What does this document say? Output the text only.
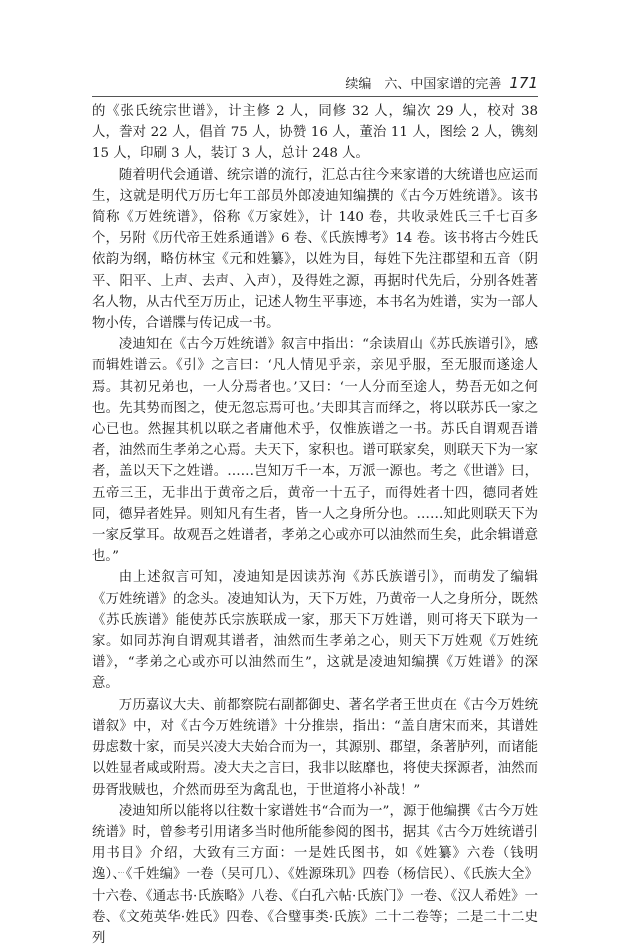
续编　六、中国家谱的完善 171

的《张氏统宗世谱》，计主修 2 人，同修 32 人，编次 29 人，校对 38 人，誊对 22 人，倡首 75 人，协赞 16 人，董治 11 人，图绘 2 人，镌刻 15 人，印刷 3 人，装订 3 人，总计 248 人。

随着明代会通谱、统宗谱的流行，汇总古往今来家谱的大统谱也应运而生，这就是明代万历七年工部员外郎凌迪知编撰的《古今万姓统谱》。该书简称《万姓统谱》，俗称《万家姓》，计 140 卷，共收录姓氏三千七百多个，另附《历代帝王姓系通谱》6 卷、《氏族博考》14 卷。该书将古今姓氏依韵为纲，略仿林宝《元和姓纂》，以姓为目，每姓下先注郡望和五音（阴平、阳平、上声、去声、入声），及得姓之源，再据时代先后，分别各姓著名人物，从古代至万历止，记述人物生平事迹，本书名为姓谱，实为一部人物小传，合谱牒与传记成一书。

凌迪知在《古今万姓统谱》叙言中指出：“余读眉山《苏氏族谱引》，感而辑姓谱云。《引》之言曰：‘凡人情见乎亲，亲见乎服，至无服而遂途人焉。其初兄弟也，一人分焉者也。’又曰：‘一人分而至途人，势吾无如之何也。先其势而图之，使无忽忘焉可也。’夫即其言而绎之，将以联苏氏一家之心已也。然握其机以联之者庸他术乎，仅惟族谱之一书。苏氏自谓观吾谱者，油然而生孝弟之心焉。夫天下，家积也。谱可联家矣，则联天下为一家者，盖以天下之姓谱。……岂知万千一本，万派一源也。考之《世谱》曰，五帝三王，无非出于黄帝之后，黄帝一十五子，而得姓者十四，德同者姓同，德异者姓异。则知凡有生者，皆一人之身所分也。……知此则联天下为一家反掌耳。故观吾之姓谱者，孝弟之心或亦可以油然而生矣，此余辑谱意也。”

由上述叙言可知，凌迪知是因读苏洵《苏氏族谱引》，而萌发了编辑《万姓统谱》的念头。凌迪知认为，天下万姓，乃黄帝一人之身所分，既然《苏氏族谱》能使苏氏宗族联成一家，那天下万姓谱，则可将天下联为一家。如同苏洵自谓观其谱者，油然而生孝弟之心，则天下万姓观《万姓统谱》，“孝弟之心或亦可以油然而生”，这就是凌迪知编撰《万姓谱》的深意。

万历嘉议大夫、前都察院右副都御史、著名学者王世贞在《古今万姓统谱叙》中，对《古今万姓统谱》十分推崇，指出：“盖自唐宋而来，其谱姓毋虑数十家，而吴兴凌大夫始合而为一，其源别、郡望，条著胪列，而诸能以姓显者咸或附焉。凌大夫之言曰，我非以眩靡也，将使夫探源者，油然而毋胥戕贼也，介然而毋至为禽乱也，于世道将小补哉！”

凌迪知所以能将以往数十家谱姓书“合而为一”，源于他编撰《古今万姓统谱》时，曾参考引用诸多当时他所能参阅的图书，据其《古今万姓统谱引用书目》介绍，大致有三方面：一是姓氏图书，如《姓纂》六卷（钱明逸）、《千姓编》一卷（吴可几）、《姓源珠玑》四卷（杨信民）、《氏族大全》十六卷、《通志书·氏族略》八卷、《白孔六帖·氏族门》一卷、《汉人希姓》一卷、《文苑英华·姓氏》四卷、《合璧事类·氏族》二十二卷等；二是二十二史列
